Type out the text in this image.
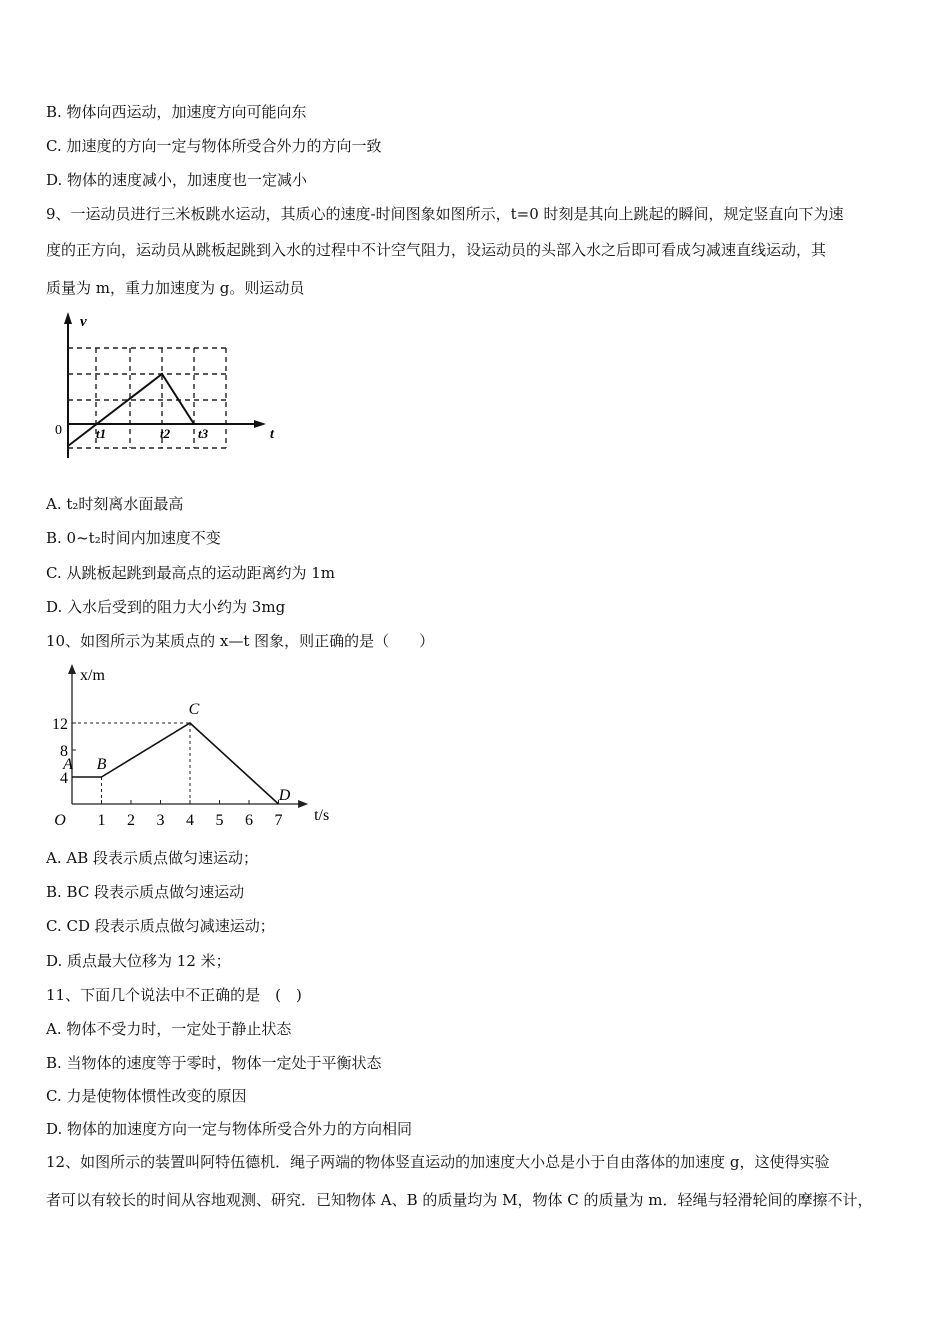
B. 物体向西运动，加速度方向可能向东
C. 加速度的方向一定与物体所受合外力的方向一致
D. 物体的速度减小，加速度也一定减小
9、一运动员进行三米板跳水运动，其质心的速度-时间图象如图所示，t=0 时刻是其向上跳起的瞬间，规定竖直向下为速
度的正方向，运动员从跳板起跳到入水的过程中不计空气阻力，设运动员的头部入水之后即可看成匀减速直线运动，其
质量为 m，重力加速度为 g。则运动员
v
0	t1	t2 t3	t
A. t₂时刻离水面最高
B. 0~t₂时间内加速度不变
C. 从跳板起跳到最高点的运动距离约为 1m
D. 入水后受到的阻力大小约为 3mg
10、如图所示为某质点的 x—t 图象，则正确的是（　　）
x/m
t/s
O 1 2 3 4 5 6 7
4
8
12
A B
C
D
A. AB 段表示质点做匀速运动；
B. BC 段表示质点做匀速运动
C. CD 段表示质点做匀减速运动；
D. 质点最大位移为 12 米；
11、下面几个说法中不正确的是　(　)
A. 物体不受力时，一定处于静止状态
B. 当物体的速度等于零时，物体一定处于平衡状态
C. 力是使物体惯性改变的原因
D. 物体的加速度方向一定与物体所受合外力的方向相同
12、如图所示的装置叫阿特伍德机．绳子两端的物体竖直运动的加速度大小总是小于自由落体的加速度 g，这使得实验
者可以有较长的时间从容地观测、研究．已知物体 A、B 的质量均为 M，物体 C 的质量为 m．轻绳与轻滑轮间的摩擦不计，
